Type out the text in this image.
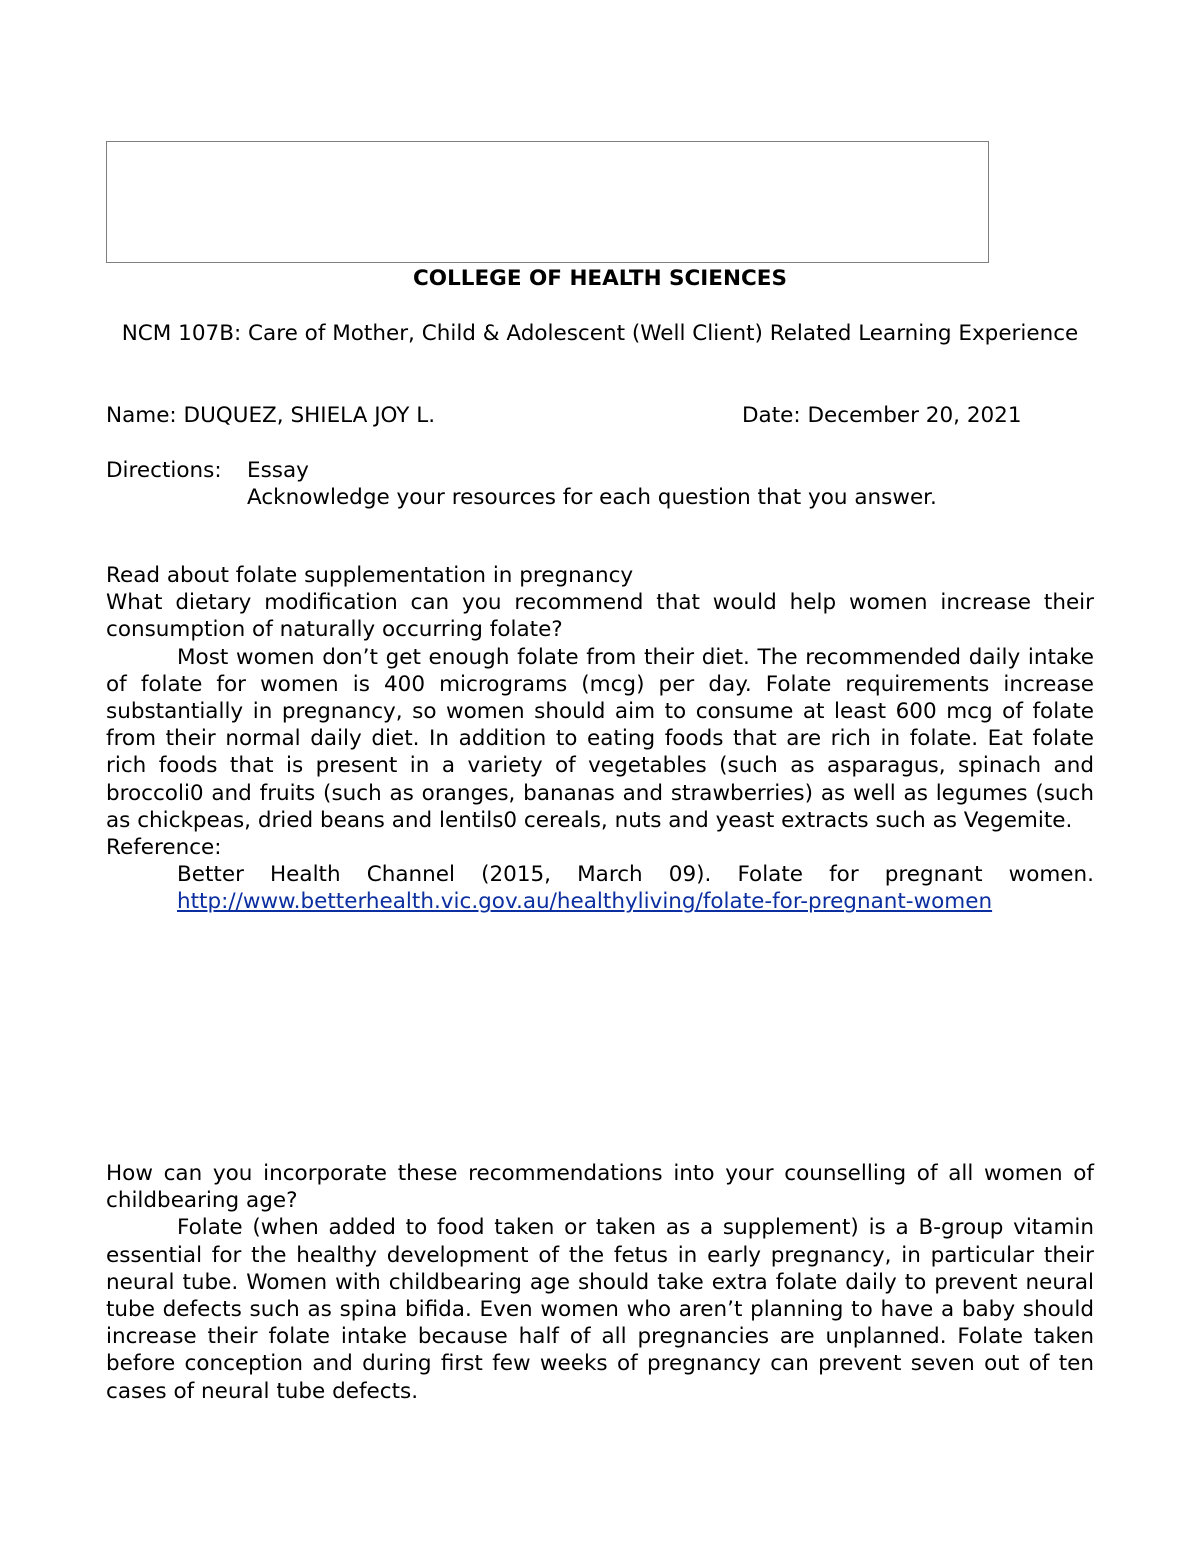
COLLEGE OF HEALTH SCIENCES
NCM 107B: Care of Mother, Child & Adolescent (Well Client) Related Learning Experience
Name: DUQUEZ, SHIELA JOY L.	Date: December 20, 2021
Directions: Essay
Acknowledge your resources for each question that you answer.
Read about folate supplementation in pregnancy
What dietary modification can you recommend that would help women increase their consumption of naturally occurring folate?
Most women don’t get enough folate from their diet. The recommended daily intake of folate for women is 400 micrograms (mcg) per day. Folate requirements increase substantially in pregnancy, so women should aim to consume at least 600 mcg of folate from their normal daily diet. In addition to eating foods that are rich in folate. Eat folate rich foods that is present in a variety of vegetables (such as asparagus, spinach and broccoli0 and fruits (such as oranges, bananas and strawberries) as well as legumes (such as chickpeas, dried beans and lentils0 cereals, nuts and yeast extracts such as Vegemite.
Reference:
Better Health Channel (2015, March 09). Folate for pregnant women. http://www.betterhealth.vic.gov.au/healthyliving/folate-for-pregnant-women
How can you incorporate these recommendations into your counselling of all women of childbearing age?
Folate (when added to food taken or taken as a supplement) is a B-group vitamin essential for the healthy development of the fetus in early pregnancy, in particular their neural tube. Women with childbearing age should take extra folate daily to prevent neural tube defects such as spina bifida. Even women who aren’t planning to have a baby should increase their folate intake because half of all pregnancies are unplanned. Folate taken before conception and during first few weeks of pregnancy can prevent seven out of ten cases of neural tube defects.
